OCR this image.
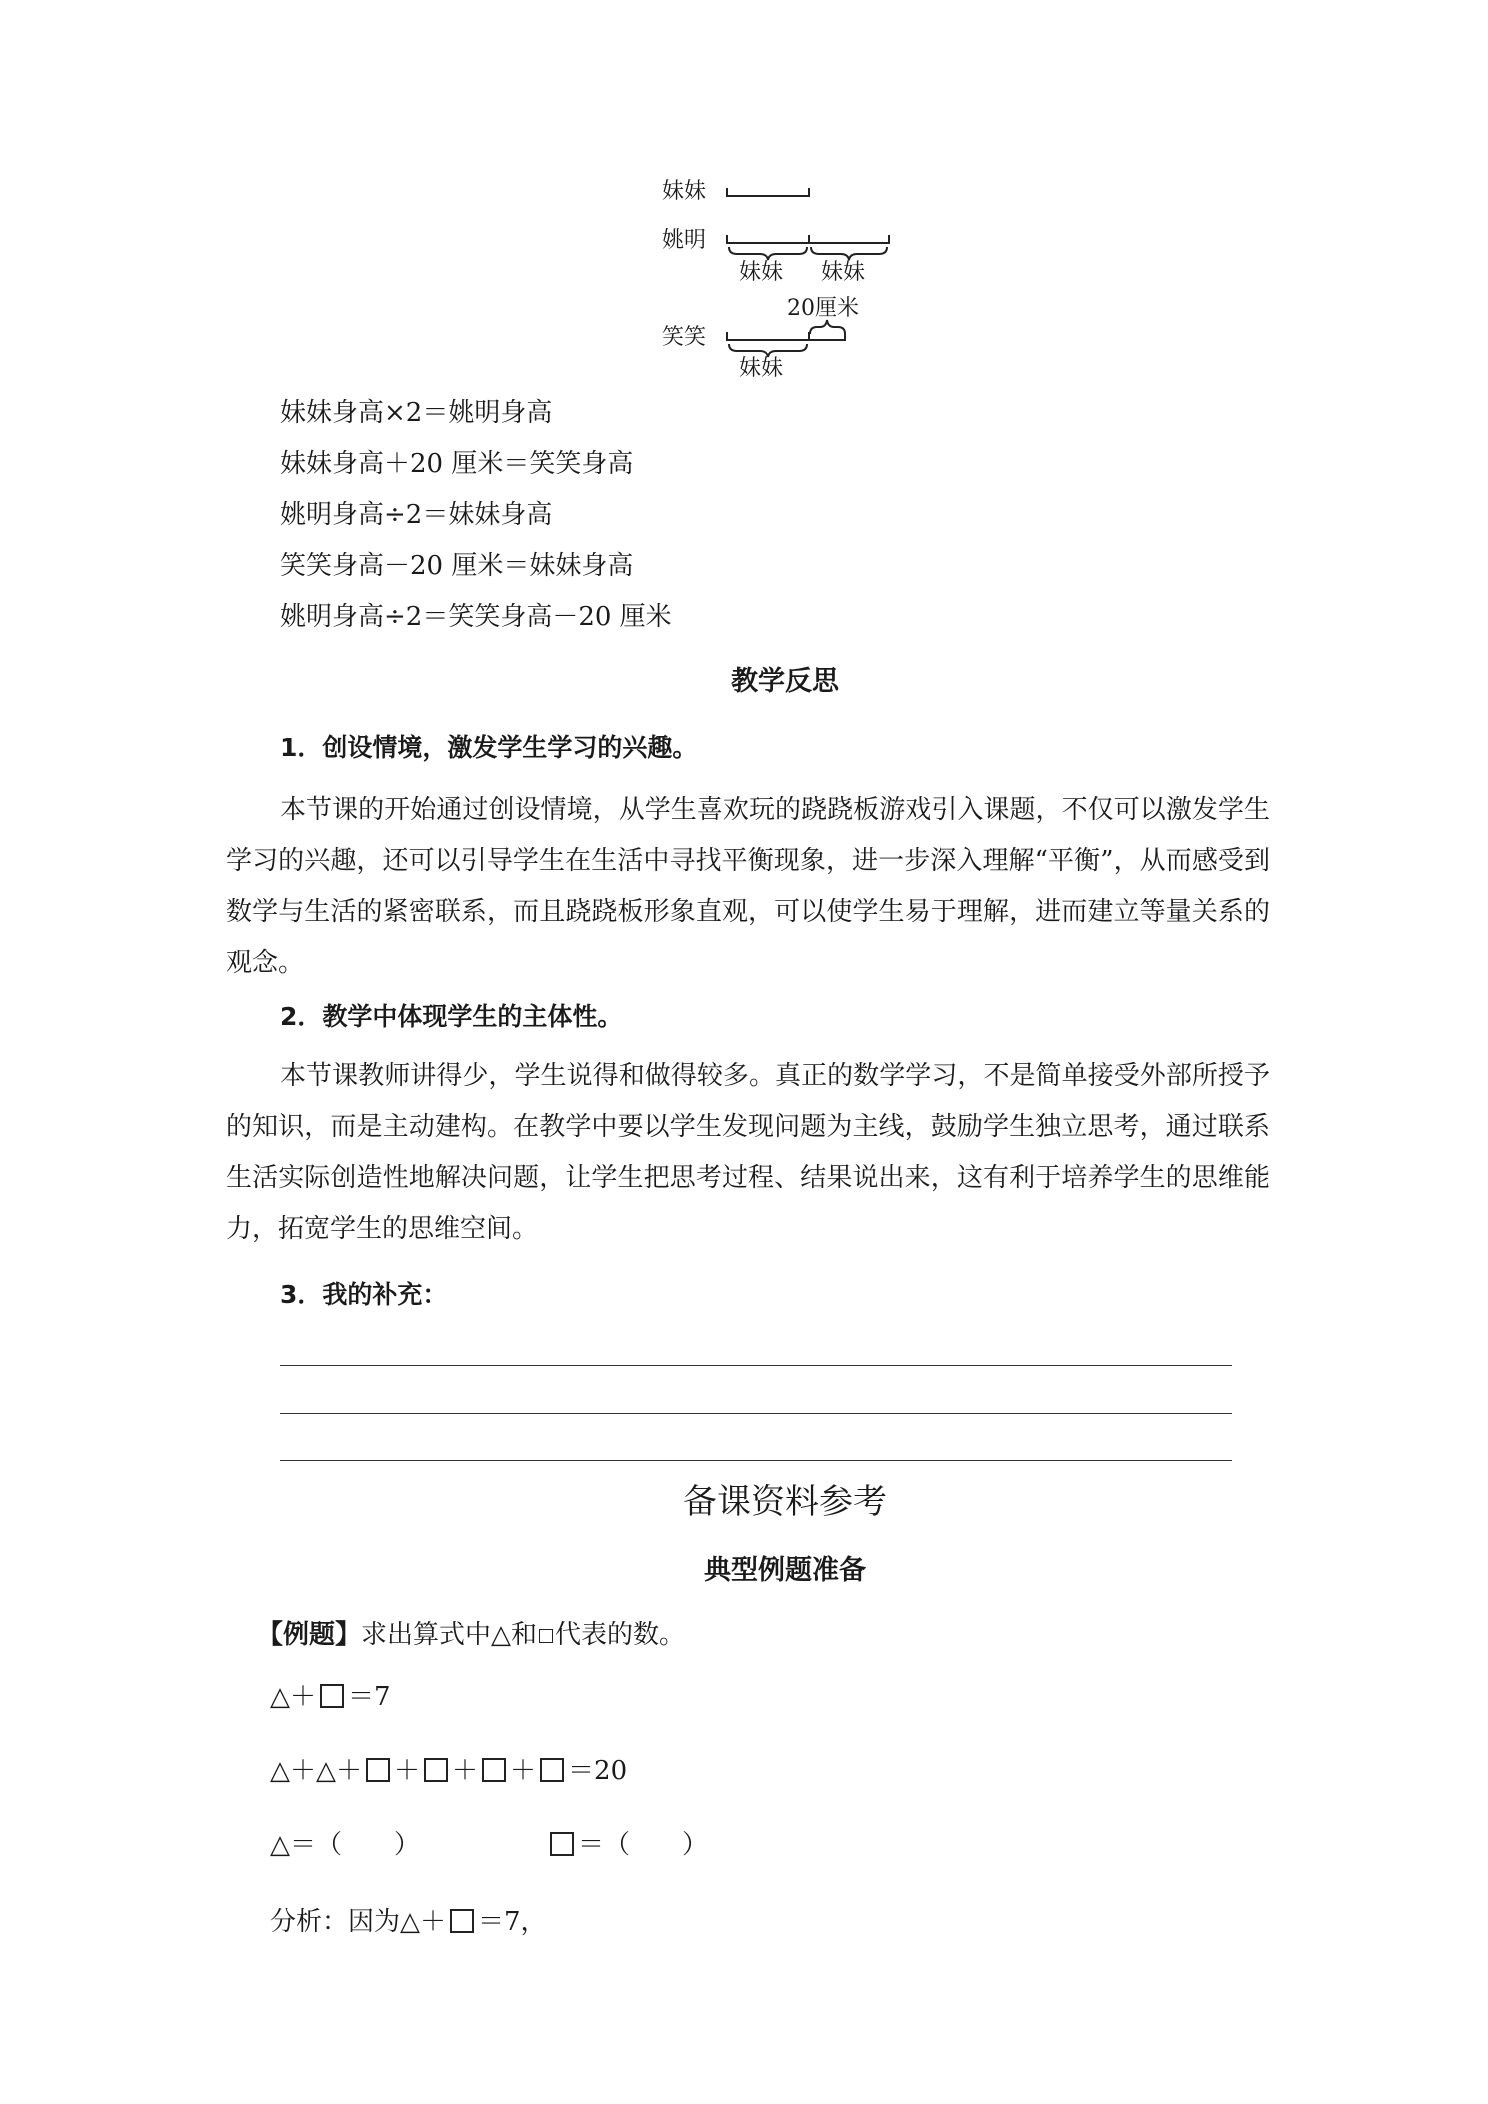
妹妹
姚明
妹妹 妹妹
20厘米
笑笑
妹妹
妹妹身高×2＝姚明身高
妹妹身高＋20 厘米＝笑笑身高
姚明身高÷2＝妹妹身高
笑笑身高－20 厘米＝妹妹身高
姚明身高÷2＝笑笑身高－20 厘米
教学反思
1．创设情境，激发学生学习的兴趣。
本节课的开始通过创设情境，从学生喜欢玩的跷跷板游戏引入课题，不仅可以激发学生学习的兴趣，还可以引导学生在生活中寻找平衡现象，进一步深入理解“平衡”，从而感受到数学与生活的紧密联系，而且跷跷板形象直观，可以使学生易于理解，进而建立等量关系的观念。
2．教学中体现学生的主体性。
本节课教师讲得少，学生说得和做得较多。真正的数学学习，不是简单接受外部所授予的知识，而是主动建构。在教学中要以学生发现问题为主线，鼓励学生独立思考，通过联系生活实际创造性地解决问题，让学生把思考过程、结果说出来，这有利于培养学生的思维能力，拓宽学生的思维空间。
3．我的补充：
备课资料参考
典型例题准备
【例题】求出算式中△和 代表的数。
△＋ ＝7
△＋△＋ ＋ ＋ ＋ ＝20
△＝（　　）	＝（　　）
分析：因为△＋ ＝7，
